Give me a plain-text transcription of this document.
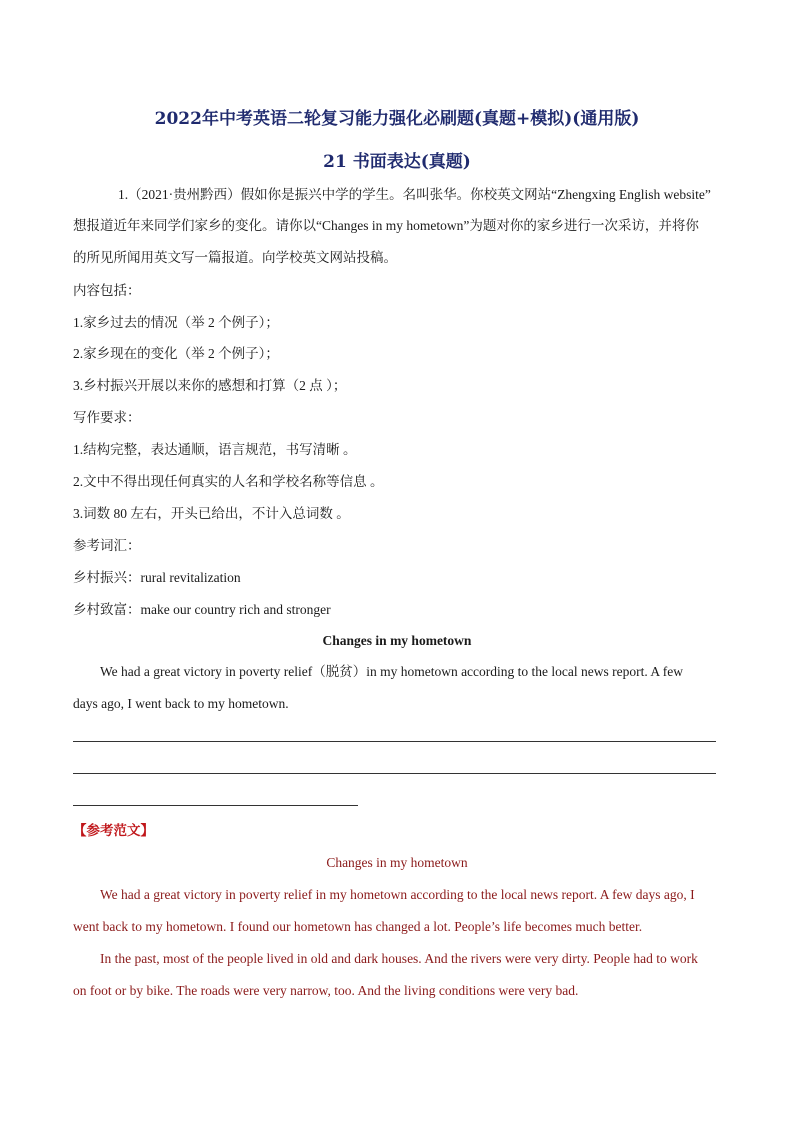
2022年中考英语二轮复习能力强化必刷题(真题+模拟)(通用版)
21 书面表达(真题)
1.（2021·贵州黔西）假如你是振兴中学的学生。名叫张华。你校英文网站“Zhengxing English website”
想报道近年来同学们家乡的变化。请你以“Changes in my hometown”为题对你的家乡进行一次采访，并将你
的所见所闻用英文写一篇报道。向学校英文网站投稿。
内容包括：
1.家乡过去的情况（举 2 个例子）；
2.家乡现在的变化（举 2 个例子）；
3.乡村振兴开展以来你的感想和打算（2 点 ）；
写作要求：
1.结构完整，表达通顺，语言规范，书写清晰 。
2.文中不得出现任何真实的人名和学校名称等信息 。
3.词数 80 左右，开头已给出，不计入总词数 。
参考词汇：
乡村振兴：rural revitalization
乡村致富：make our country rich and stronger
Changes in my hometown
We had a great victory in poverty relief（脱贫）in my hometown according to the local news report. A few
days ago, I went back to my hometown.
【参考范文】
Changes in my hometown
We had a great victory in poverty relief in my hometown according to the local news report. A few days ago, I
went back to my hometown. I found our hometown has changed a lot. People’s life becomes much better.
In the past, most of the people lived in old and dark houses. And the rivers were very dirty. People had to work
on foot or by bike. The roads were very narrow, too. And the living conditions were very bad.
